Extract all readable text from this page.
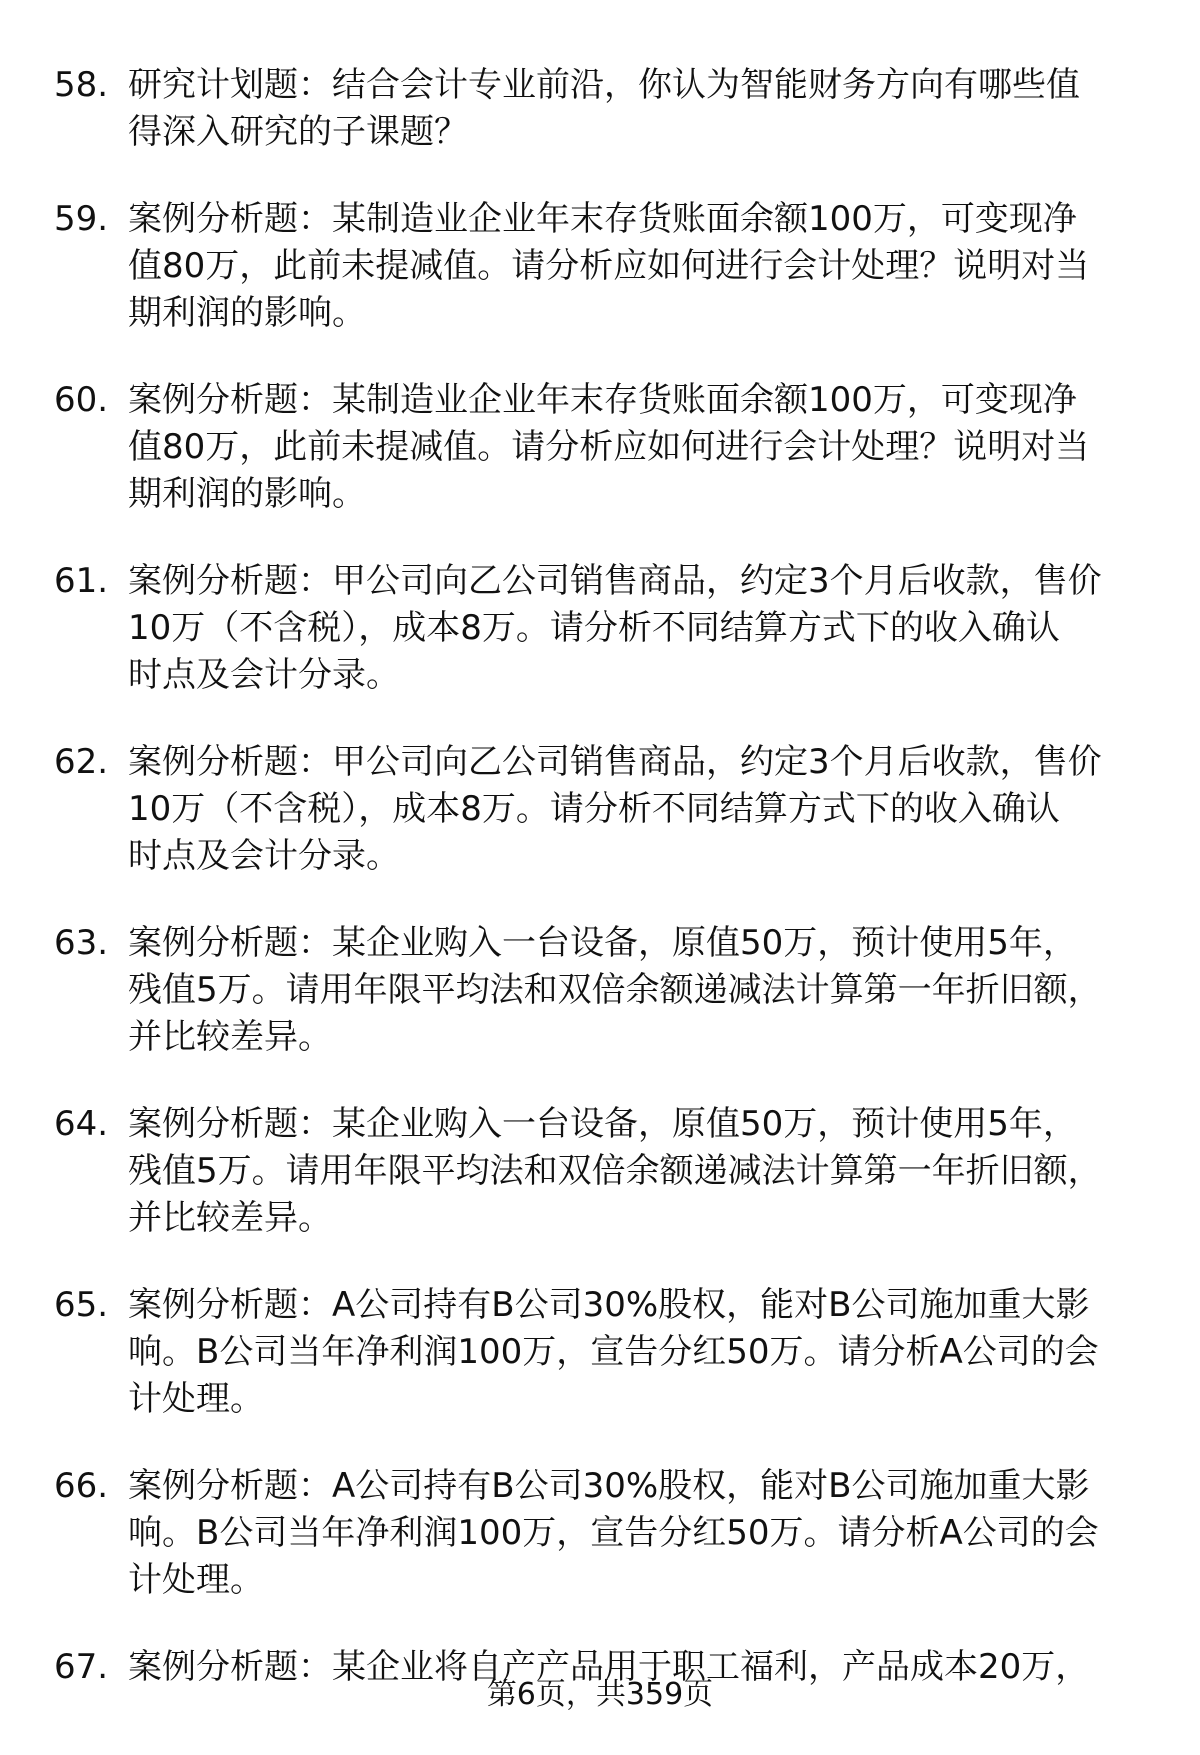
58. 研究计划题：结合会计专业前沿，你认为智能财务方向有哪些值
得深入研究的子课题？
59. 案例分析题：某制造业企业年末存货账面余额100万，可变现净
值80万，此前未提减值。请分析应如何进行会计处理？说明对当
期利润的影响。
60. 案例分析题：某制造业企业年末存货账面余额100万，可变现净
值80万，此前未提减值。请分析应如何进行会计处理？说明对当
期利润的影响。
61. 案例分析题：甲公司向乙公司销售商品，约定3个月后收款，售价
10万（不含税），成本8万。请分析不同结算方式下的收入确认
时点及会计分录。
62. 案例分析题：甲公司向乙公司销售商品，约定3个月后收款，售价
10万（不含税），成本8万。请分析不同结算方式下的收入确认
时点及会计分录。
63. 案例分析题：某企业购入一台设备，原值50万，预计使用5年，
残值5万。请用年限平均法和双倍余额递减法计算第一年折旧额，
并比较差异。
64. 案例分析题：某企业购入一台设备，原值50万，预计使用5年，
残值5万。请用年限平均法和双倍余额递减法计算第一年折旧额，
并比较差异。
65. 案例分析题：A公司持有B公司30%股权，能对B公司施加重大影
响。B公司当年净利润100万，宣告分红50万。请分析A公司的会
计处理。
66. 案例分析题：A公司持有B公司30%股权，能对B公司施加重大影
响。B公司当年净利润100万，宣告分红50万。请分析A公司的会
计处理。
67. 案例分析题：某企业将自产产品用于职工福利，产品成本20万，
第6页，共359页
